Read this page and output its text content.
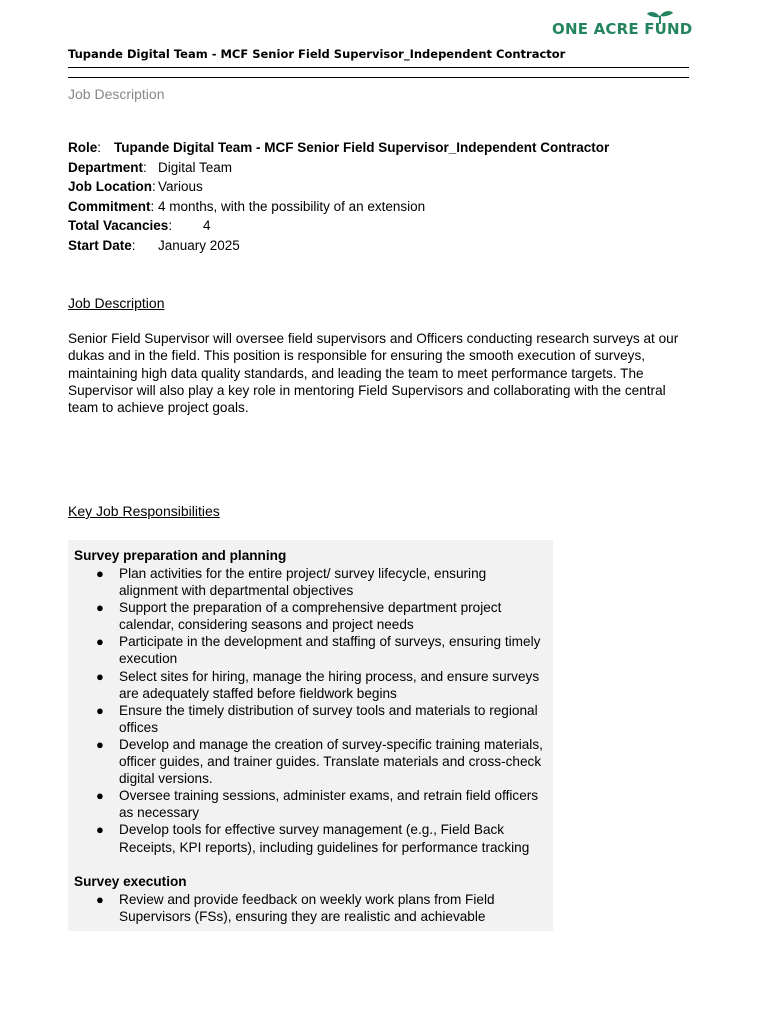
ONE ACRE FUND
Tupande Digital Team - MCF Senior Field Supervisor_Independent Contractor
Job Description
Role: Tupande Digital Team - MCF Senior Field Supervisor_Independent Contractor
Department: Digital Team
Job Location: Various
Commitment: 4 months, with the possibility of an extension
Total Vacancies: 4
Start Date: January 2025
Job Description
Senior Field Supervisor will oversee field supervisors and Officers conducting research surveys at our dukas and in the field. This position is responsible for ensuring the smooth execution of surveys, maintaining high data quality standards, and leading the team to meet performance targets. The Supervisor will also play a key role in mentoring Field Supervisors and collaborating with the central team to achieve project goals.
Key Job Responsibilities

Survey preparation and planning

● Plan activities for the entire project/ survey lifecycle, ensuring alignment with departmental objectives
● Support the preparation of a comprehensive department project calendar, considering seasons and project needs
● Participate in the development and staffing of surveys, ensuring timely execution
● Select sites for hiring, manage the hiring process, and ensure surveys are adequately staffed before fieldwork begins
● Ensure the timely distribution of survey tools and materials to regional offices
● Develop and manage the creation of survey-specific training materials, officer guides, and trainer guides. Translate materials and cross-check digital versions.
● Oversee training sessions, administer exams, and retrain field officers as necessary
● Develop tools for effective survey management (e.g., Field Back Receipts, KPI reports), including guidelines for performance tracking

Survey execution

● Review and provide feedback on weekly work plans from Field Supervisors (FSs), ensuring they are realistic and achievable
